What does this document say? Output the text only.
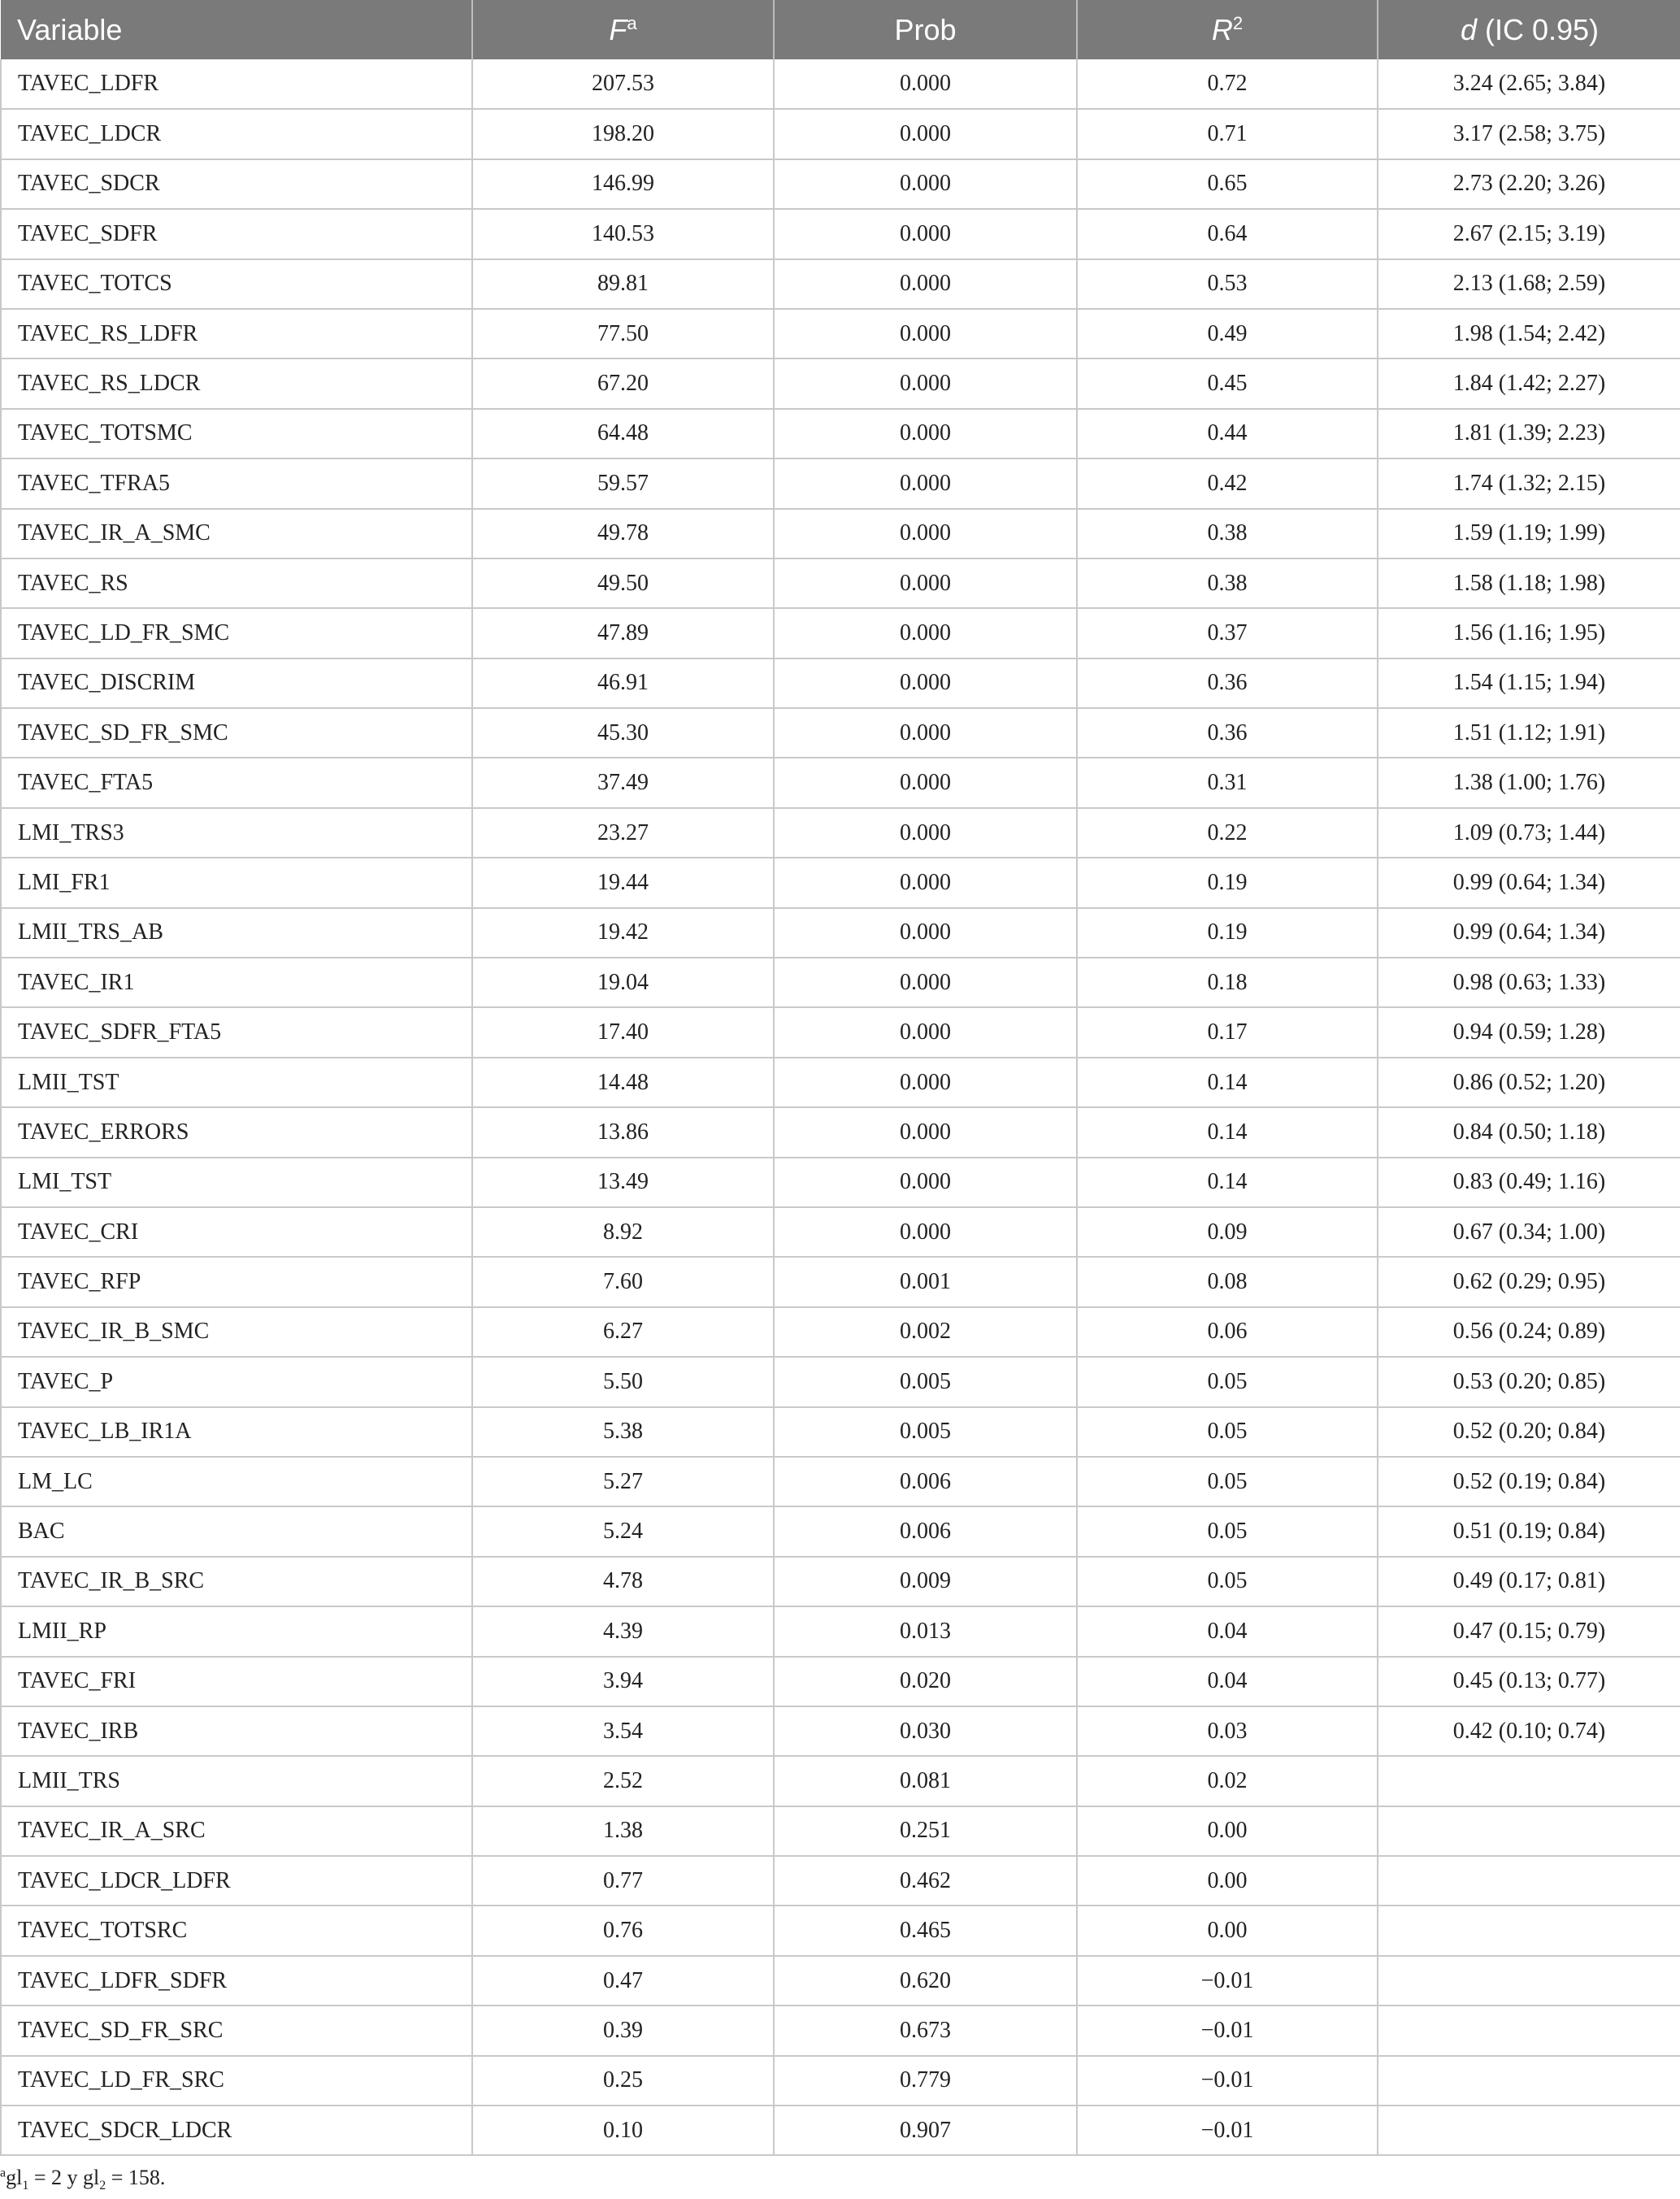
Variable	$F^a$	Prob	$R^2$	d (IC 0.95)
TAVEC_LDFR	207.53	0.000	0.72	3.24 (2.65; 3.84)
TAVEC_LDCR	198.20	0.000	0.71	3.17 (2.58; 3.75)
TAVEC_SDCR	146.99	0.000	0.65	2.73 (2.20; 3.26)
TAVEC_SDFR	140.53	0.000	0.64	2.67 (2.15; 3.19)
TAVEC_TOTCS	89.81	0.000	0.53	2.13 (1.68; 2.59)
TAVEC_RS_LDFR	77.50	0.000	0.49	1.98 (1.54; 2.42)
TAVEC_RS_LDCR	67.20	0.000	0.45	1.84 (1.42; 2.27)
TAVEC_TOTSMC	64.48	0.000	0.44	1.81 (1.39; 2.23)
TAVEC_TFRA5	59.57	0.000	0.42	1.74 (1.32; 2.15)
TAVEC_IR_A_SMC	49.78	0.000	0.38	1.59 (1.19; 1.99)
TAVEC_RS	49.50	0.000	0.38	1.58 (1.18; 1.98)
TAVEC_LD_FR_SMC	47.89	0.000	0.37	1.56 (1.16; 1.95)
TAVEC_DISCRIM	46.91	0.000	0.36	1.54 (1.15; 1.94)
TAVEC_SD_FR_SMC	45.30	0.000	0.36	1.51 (1.12; 1.91)
TAVEC_FTA5	37.49	0.000	0.31	1.38 (1.00; 1.76)
LMI_TRS3	23.27	0.000	0.22	1.09 (0.73; 1.44)
LMI_FR1	19.44	0.000	0.19	0.99 (0.64; 1.34)
LMII_TRS_AB	19.42	0.000	0.19	0.99 (0.64; 1.34)
TAVEC_IR1	19.04	0.000	0.18	0.98 (0.63; 1.33)
TAVEC_SDFR_FTA5	17.40	0.000	0.17	0.94 (0.59; 1.28)
LMII_TST	14.48	0.000	0.14	0.86 (0.52; 1.20)
TAVEC_ERRORS	13.86	0.000	0.14	0.84 (0.50; 1.18)
LMI_TST	13.49	0.000	0.14	0.83 (0.49; 1.16)
TAVEC_CRI	8.92	0.000	0.09	0.67 (0.34; 1.00)
TAVEC_RFP	7.60	0.001	0.08	0.62 (0.29; 0.95)
TAVEC_IR_B_SMC	6.27	0.002	0.06	0.56 (0.24; 0.89)
TAVEC_P	5.50	0.005	0.05	0.53 (0.20; 0.85)
TAVEC_LB_IR1A	5.38	0.005	0.05	0.52 (0.20; 0.84)
LM_LC	5.27	0.006	0.05	0.52 (0.19; 0.84)
BAC	5.24	0.006	0.05	0.51 (0.19; 0.84)
TAVEC_IR_B_SRC	4.78	0.009	0.05	0.49 (0.17; 0.81)
LMII_RP	4.39	0.013	0.04	0.47 (0.15; 0.79)
TAVEC_FRI	3.94	0.020	0.04	0.45 (0.13; 0.77)
TAVEC_IRB	3.54	0.030	0.03	0.42 (0.10; 0.74)
LMII_TRS	2.52	0.081	0.02	
TAVEC_IR_A_SRC	1.38	0.251	0.00	
TAVEC_LDCR_LDFR	0.77	0.462	0.00	
TAVEC_TOTSRC	0.76	0.465	0.00	
TAVEC_LDFR_SDFR	0.47	0.620	−0.01	
TAVEC_SD_FR_SRC	0.39	0.673	−0.01	
TAVEC_LD_FR_SRC	0.25	0.779	−0.01	
TAVEC_SDCR_LDCR	0.10	0.907	−0.01	
$^agl_1 = 2$ y $gl_2 = 158$.
